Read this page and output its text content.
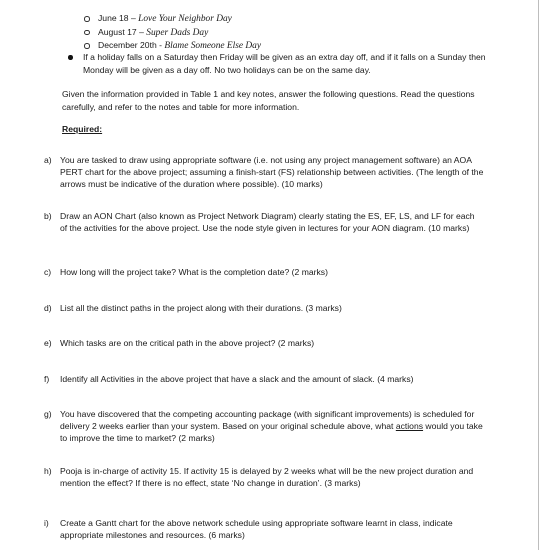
June 18 – Love Your Neighbor Day
August 17 – Super Dads Day
December 20th - Blame Someone Else Day
If a holiday falls on a Saturday then Friday will be given as an extra day off, and if it falls on a Sunday then Monday will be given as a day off. No two holidays can be on the same day.
Given the information provided in Table 1 and key notes, answer the following questions. Read the questions carefully, and refer to the notes and table for more information.
Required:
a) You are tasked to draw using appropriate software (i.e. not using any project management software) an AOA PERT chart for the above project; assuming a finish-start (FS) relationship between activities. (The length of the arrows must be indicative of the duration where possible). (10 marks)
b) Draw an AON Chart (also known as Project Network Diagram) clearly stating the ES, EF, LS, and LF for each of the activities for the above project. Use the node style given in lectures for your AON diagram. (10 marks)
c)	How long will the project take? What is the completion date? (2 marks)
d) List all the distinct paths in the project along with their durations. (3 marks)
e) Which tasks are on the critical path in the above project? (2 marks)
f)	Identify all Activities in the above project that have a slack and the amount of slack. (4 marks)
g) You have discovered that the competing accounting package (with significant improvements) is scheduled for delivery 2 weeks earlier than your system. Based on your original schedule above, what actions would you take to improve the time to market? (2 marks)
h) Pooja is in-charge of activity 15. If activity 15 is delayed by 2 weeks what will be the new project duration and mention the effect? If there is no effect, state ‘No change in duration’. (3 marks)
i)	Create a Gantt chart for the above network schedule using appropriate software learnt in class, indicate appropriate milestones and resources. (6 marks)
